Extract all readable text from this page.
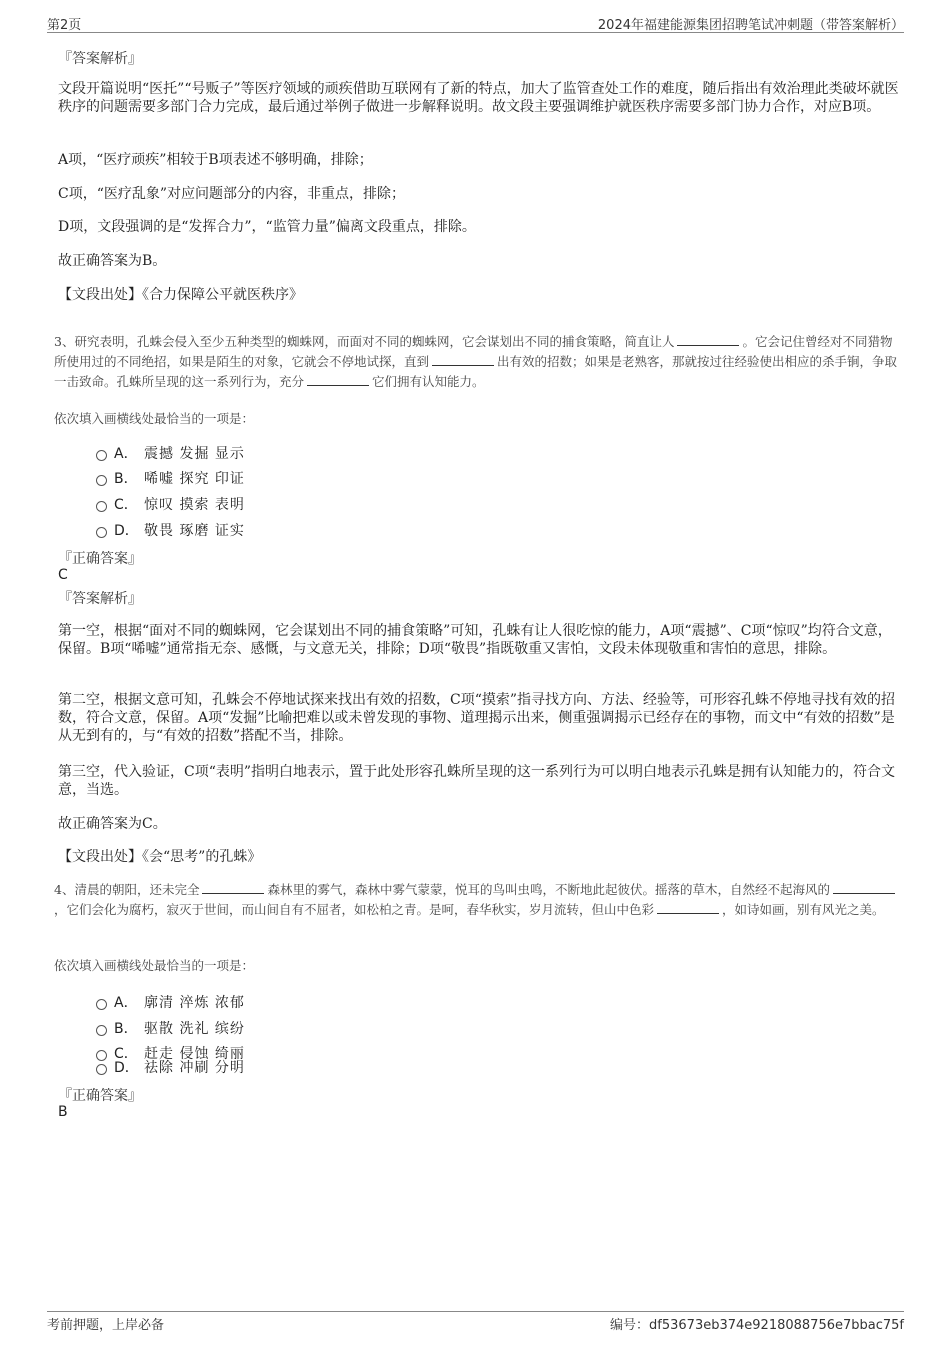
第2页	2024年福建能源集团招聘笔试冲刺题（带答案解析）
『答案解析』
文段开篇说明“医托”“号贩子”等医疗领域的顽疾借助互联网有了新的特点，加大了监管查处工作的难度，随后指出有效治理此类破坏就医秩序的问题需要多部门合力完成，最后通过举例子做进一步解释说明。故文段主要强调维护就医秩序需要多部门协力合作，对应B项。
A项，“医疗顽疾”相较于B项表述不够明确，排除；
C项，“医疗乱象”对应问题部分的内容，非重点，排除；
D项，文段强调的是“发挥合力”，“监管力量”偏离文段重点，排除。
故正确答案为B。
【文段出处】《合力保障公平就医秩序》
3、研究表明，孔蛛会侵入至少五种类型的蜘蛛网，而面对不同的蜘蛛网，它会谋划出不同的捕食策略，简直让人	。它会记住曾经对不同猎物所使用过的不同绝招，如果是陌生的对象，它就会不停地试探，直到	出有效的招数；如果是老熟客，那就按过往经验使出相应的杀手锏，争取一击致命。孔蛛所呈现的这一系列行为，充分	它们拥有认知能力。
依次填入画横线处最恰当的一项是：
A． 震撼 发掘 显示
B． 唏嘘 探究 印证
C． 惊叹 摸索 表明
D． 敬畏 琢磨 证实
『正确答案』
C
『答案解析』
第一空，根据“面对不同的蜘蛛网，它会谋划出不同的捕食策略”可知，孔蛛有让人很吃惊的能力，A项“震撼”、C项“惊叹”均符合文意，保留。B项“唏嘘”通常指无奈、感慨，与文意无关，排除；D项“敬畏”指既敬重又害怕，文段未体现敬重和害怕的意思，排除。
第二空，根据文意可知，孔蛛会不停地试探来找出有效的招数，C项“摸索”指寻找方向、方法、经验等，可形容孔蛛不停地寻找有效的招数，符合文意，保留。A项“发掘”比喻把难以或未曾发现的事物、道理揭示出来，侧重强调揭示已经存在的事物，而文中“有效的招数”是从无到有的，与“有效的招数”搭配不当，排除。
第三空，代入验证，C项“表明”指明白地表示，置于此处形容孔蛛所呈现的这一系列行为可以明白地表示孔蛛是拥有认知能力的，符合文意，当选。
故正确答案为C。
【文段出处】《会“思考”的孔蛛》
4、清晨的朝阳，还未完全	森林里的雾气，森林中雾气蒙蒙，悦耳的鸟叫虫鸣，不断地此起彼伏。摇落的草木，自然经不起海风的，它们会化为腐朽，寂灭于世间，而山间自有不屈者，如松柏之青。是呵，春华秋实，岁月流转，但山中色彩	，如诗如画，别有风光之美。
依次填入画横线处最恰当的一项是：
A． 廓清 淬炼 浓郁
B． 驱散 洗礼 缤纷
C． 赶走 侵蚀 绮丽
D． 祛除 冲刷 分明
『正确答案』
B
考前押题，上岸必备	编号：df53673eb374e9218088756e7bbac75f
